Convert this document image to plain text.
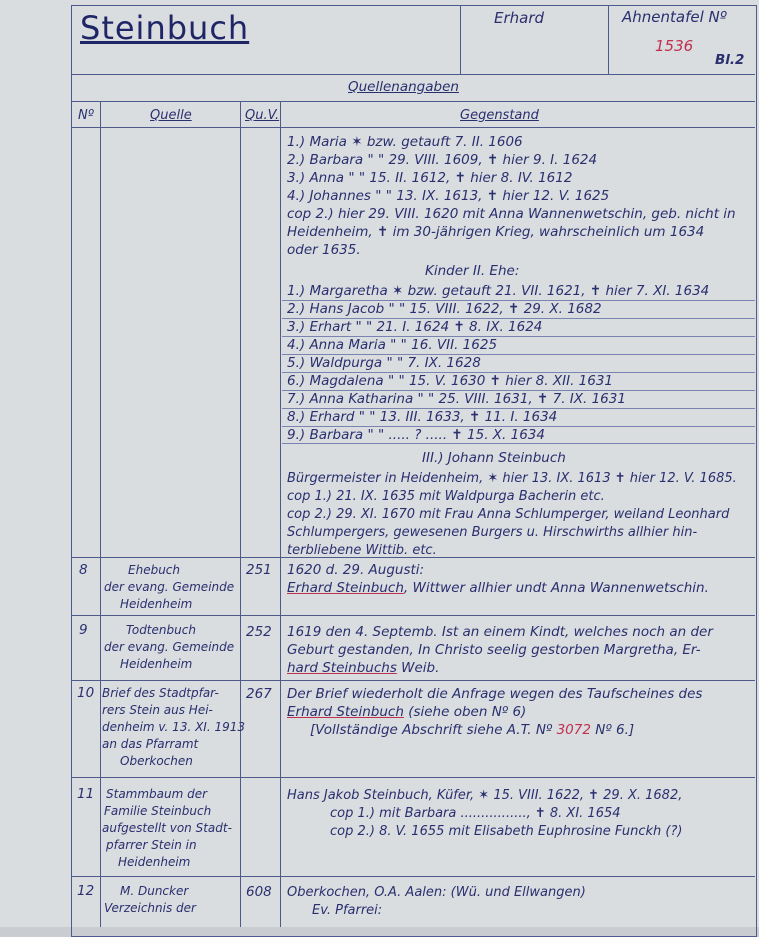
Steinbuch	Erhard	Ahnentafel Nº
1536
Bl.2
Quellenangaben
Nº	Quelle	Qu.V.	Gegenstand
1.) Maria ✶ bzw. getauft 7. II. 1606
2.) Barbara " " 29. VIII. 1609, ✝ hier 9. I. 1624
3.) Anna " " 15. II. 1612, ✝ hier 8. IV. 1612
4.) Johannes " " 13. IX. 1613, ✝ hier 12. V. 1625
cop 2.) hier 29. VIII. 1620 mit Anna Wannenwetschin, geb. nicht in
Heidenheim, ✝ im 30-jährigen Krieg, wahrscheinlich um 1634
oder 1635.
Kinder II. Ehe:
1.) Margaretha ✶ bzw. getauft 21. VII. 1621, ✝ hier 7. XI. 1634
2.) Hans Jacob " " 15. VIII. 1622, ✝ 29. X. 1682
3.) Erhart " " 21. I. 1624 ✝ 8. IX. 1624
4.) Anna Maria " " 16. VII. 1625
5.) Waldpurga " " 7. IX. 1628
6.) Magdalena " " 15. V. 1630 ✝ hier 8. XII. 1631
7.) Anna Katharina " " 25. VIII. 1631, ✝ 7. IX. 1631
8.) Erhard " " 13. III. 1633, ✝ 11. I. 1634
9.) Barbara " " ..... ? ..... ✝ 15. X. 1634
III.) Johann Steinbuch
Bürgermeister in Heidenheim, ✶ hier 13. IX. 1613 ✝ hier 12. V. 1685.
cop 1.) 21. IX. 1635 mit Waldpurga Bacherin etc.
cop 2.) 29. XI. 1670 mit Frau Anna Schlumperger, weiland Leonhard
Schlumpergers, gewesenen Burgers u. Hirschwirths allhier hin-
terbliebene Wittib. etc.
8	Ehebuch
der evang. Gemeinde
Heidenheim
251 1620 d. 29. Augusti:
Erhard Steinbuch, Wittwer allhier undt Anna Wannenwetschin.
9	Todtenbuch
der evang. Gemeinde
Heidenheim
252 1619 den 4. Septemb. Ist an einem Kindt, welches noch an der
Geburt gestanden, In Christo seelig gestorben Margretha, Er-
hard Steinbuchs Weib.
10 Brief des Stadtpfar-
rers Stein aus Hei-
denheim v. 13. XI. 1913
an das Pfarramt
Oberkochen
267 Der Brief wiederholt die Anfrage wegen des Taufscheines des
Erhard Steinbuch (siehe oben Nº 6)
[Vollständige Abschrift siehe A.T. Nº 3072 Nº 6.]
11 Stammbaum der
Familie Steinbuch
aufgestellt von Stadt-
pfarrer Stein in
Heidenheim
Hans Jakob Steinbuch, Küfer, ✶ 15. VIII. 1622, ✝ 29. X. 1682,
cop 1.) mit Barbara ................, ✝ 8. XI. 1654
cop 2.) 8. V. 1655 mit Elisabeth Euphrosine Funckh (?)
12 M. Duncker
Verzeichnis der
608 Oberkochen, O.A. Aalen: (Wü. und Ellwangen)
Ev. Pfarrei:
